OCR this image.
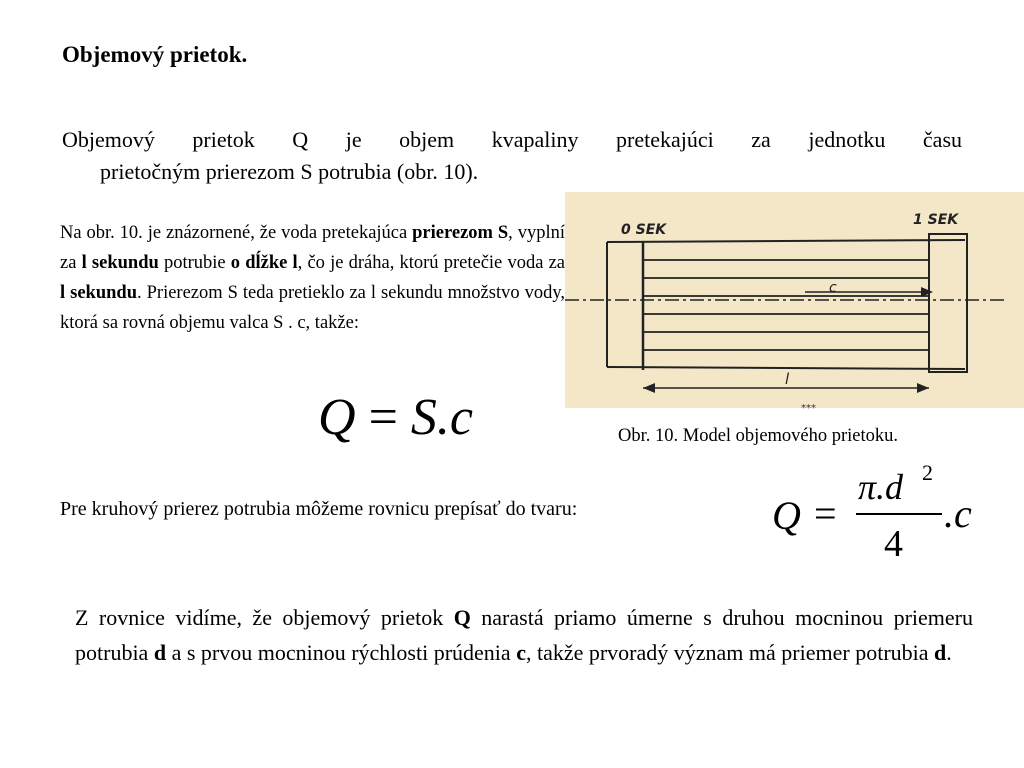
Objemový prietok.
Objemový prietok Q je objem kvapaliny pretekajúci za jednotku času
prietočným prierezom S potrubia (obr. 10).
Na obr. 10. je znázornené, že voda pretekajúca prierezom S, vyplní za l sekundu potrubie o dĺžke l, čo je dráha, ktorú pretečie voda za l sekundu. Prierezom S teda pretieklo za l sekundu množstvo vody, ktorá sa rovná objemu valca S . c, takže:
Q = S.c
0 SEK
1 SEK
c
l
***
Obr. 10. Model objemového prietoku.
Pre kruhový prierez potrubia môžeme rovnicu prepísať do tvaru:	Q =
π.d 2
4
.c
Z rovnice vidíme, že objemový prietok Q narastá priamo úmerne s druhou mocninou priemeru potrubia d a s prvou mocninou rýchlosti prúdenia c, takže prvoradý význam má priemer potrubia d.
